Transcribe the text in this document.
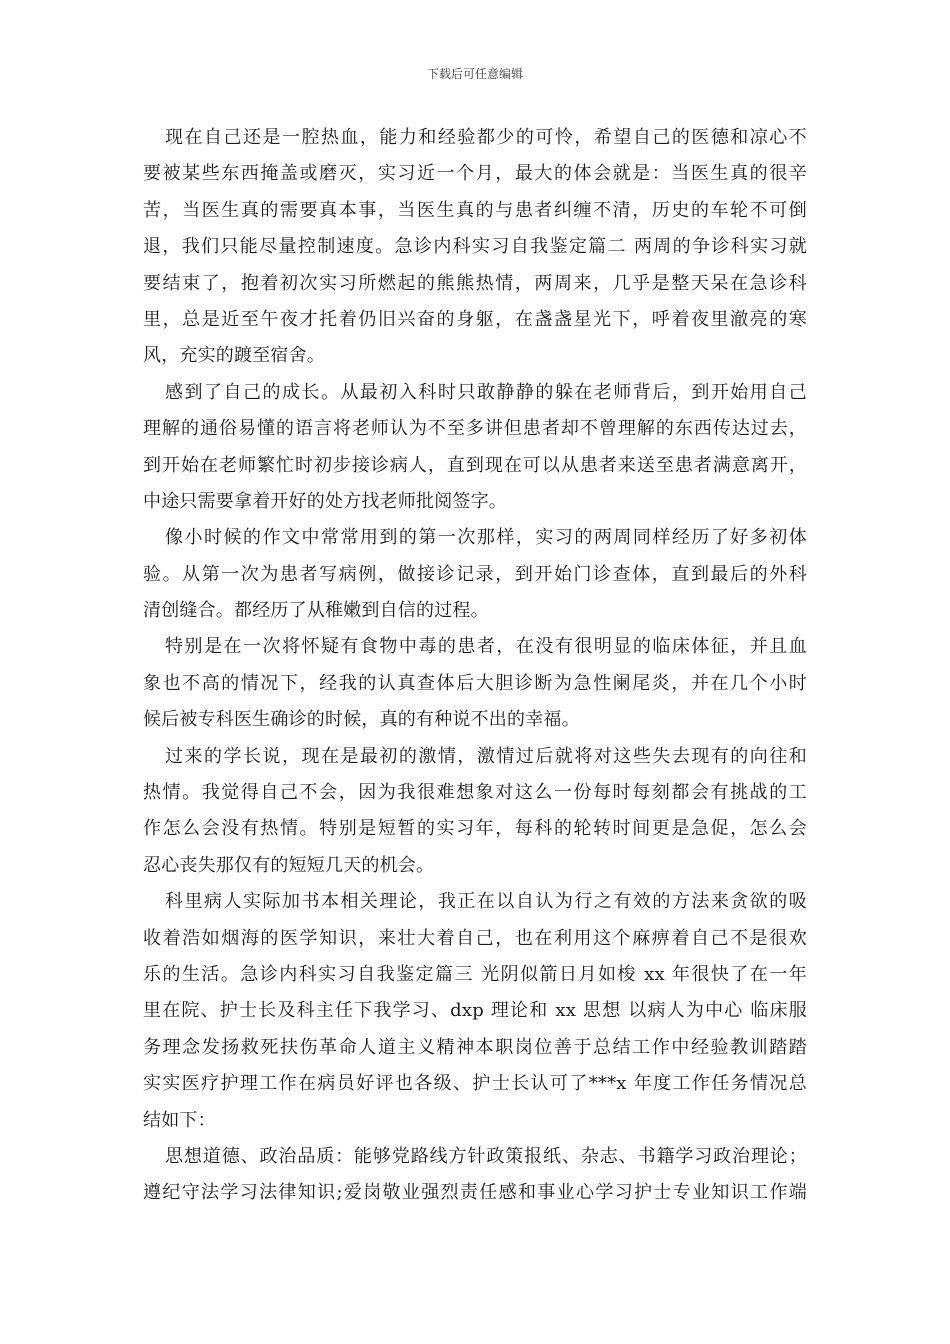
下载后可任意编辑
现在自己还是一腔热血，能力和经验都少的可怜，希望自己的医德和凉心不
要被某些东西掩盖或磨灭，实习近一个月，最大的体会就是：当医生真的很辛
苦，当医生真的需要真本事，当医生真的与患者纠缠不清，历史的车轮不可倒
退，我们只能尽量控制速度。急诊内科实习自我鉴定篇二 两周的争诊科实习就
要结束了，抱着初次实习所燃起的熊熊热情，两周来，几乎是整天呆在急诊科
里，总是近至午夜才托着仍旧兴奋的身躯，在盏盏星光下，呼着夜里澈亮的寒
风，充实的踱至宿舍。
感到了自己的成长。从最初入科时只敢静静的躲在老师背后，到开始用自己
理解的通俗易懂的语言将老师认为不至多讲但患者却不曾理解的东西传达过去，
到开始在老师繁忙时初步接诊病人，直到现在可以从患者来送至患者满意离开，
中途只需要拿着开好的处方找老师批阅签字。
像小时候的作文中常常用到的第一次那样，实习的两周同样经历了好多初体
验。从第一次为患者写病例，做接诊记录，到开始门诊查体，直到最后的外科
清创缝合。都经历了从稚嫩到自信的过程。
特别是在一次将怀疑有食物中毒的患者，在没有很明显的临床体征，并且血
象也不高的情况下，经我的认真查体后大胆诊断为急性阑尾炎，并在几个小时
候后被专科医生确诊的时候，真的有种说不出的幸福。
过来的学长说，现在是最初的激情，激情过后就将对这些失去现有的向往和
热情。我觉得自己不会，因为我很难想象对这么一份每时每刻都会有挑战的工
作怎么会没有热情。特别是短暂的实习年，每科的轮转时间更是急促，怎么会
忍心丧失那仅有的短短几天的机会。
科里病人实际加书本相关理论，我正在以自认为行之有效的方法来贪欲的吸
收着浩如烟海的医学知识，来壮大着自己，也在利用这个麻痹着自己不是很欢
乐的生活。急诊内科实习自我鉴定篇三 光阴似箭日月如梭 xx 年很快了在一年
里在院、护士长及科主任下我学习、dxp 理论和 xx 思想 以病人为中心 临床服
务理念发扬救死扶伤革命人道主义精神本职岗位善于总结工作中经验教训踏踏
实实医疗护理工作在病员好评也各级、护士长认可了***x 年度工作任务情况总
结如下：
思想道德、政治品质：能够党路线方针政策报纸、杂志、书籍学习政治理论；
遵纪守法学习法律知识;爱岗敬业强烈责任感和事业心学习护士专业知识工作端
